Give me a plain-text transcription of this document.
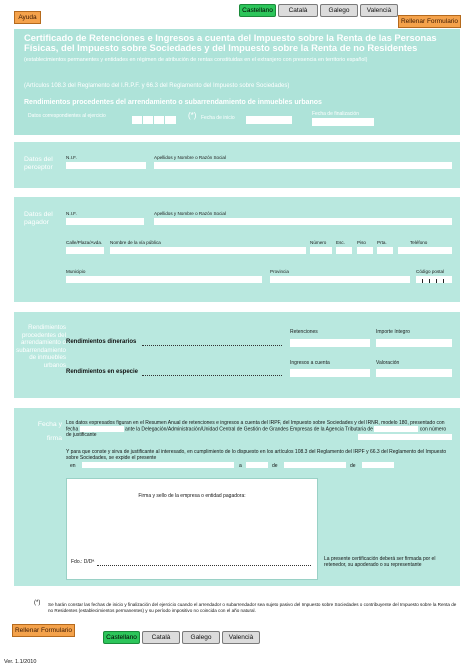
Ayuda
Castellano	Català	Galego	Valencià
Rellenar Formulario
Certificado de Retenciones e Ingresos a cuenta del Impuesto sobre la Renta de las Personas Físicas, del Impuesto sobre Sociedades y del Impuesto sobre la Renta de no Residentes (establecimientos permanentes y entidades en régimen de atribución de rentas constituidas en el extranjero con presencia en territorio español)
(Artículos 108.3 del Reglamento del I.R.P.F. y 66.3 del Reglamento del Impuesto sobre Sociedades)
Rendimientos procedentes del arrendamiento o subarrendamiento de inmuebles urbanos
Datos correspondientes al ejercicio	(*) Fecha de inicio
Fecha de finalización
Datos del perceptor
N.I.F.	Apellidos y Nombre o Razón Social
Datos del pagador
N.I.F.	Apellidos y Nombre o Razón Social
Calle/Plaza/Avda. Nombre de la vía pública	Número Esc.	Piso Prta.	Teléfono
Municipio	Provincia	Código postal
Rendimientos procedentes del arrendamiento o subarrendamiento de inmuebles urbanos
Rendimientos dinerarios
Retenciones	Importe íntegro
Rendimientos en especie
Ingresos a cuenta	Valoración
Fecha y firma
Los datos expresados figuran en el Resumen Anual de retenciones e ingresos a cuenta del IRPF, del Impuesto sobre Sociedades y del IRNR, modelo 180, presentado con fecha	ante la Delegación/Administración/Unidad Central de Gestión de Grandes Empresas de la Agencia Tributaria de	con número de justificante
Y para que conste y sirva de justificante al interesado, en cumplimiento de lo dispuesto en los artículos 108.3 del Reglamento del IRPF y 66.3 del Reglamento del Impuesto sobre Sociedades, se expide el presente
en	a	de	de
Firma y sello de la empresa o entidad pagadora:
Fdo.: D/Dª	La presente certificación deberá ser firmada por el retenedor, su apoderado o su representante
(*) Se harán constar las fechas de inicio y finalización del ejercicio cuando el arrendador o subarrendador sea sujeto pasivo del Impuesto sobre Sociedades o contribuyente del Impuesto sobre la Renta de no Residentes (establecimientos permanentes) y su período impositivo no coincida con el año natural.
Rellenar Formulario
Castellano	Català	Galego	Valencià
Ver. 1.1/2010
